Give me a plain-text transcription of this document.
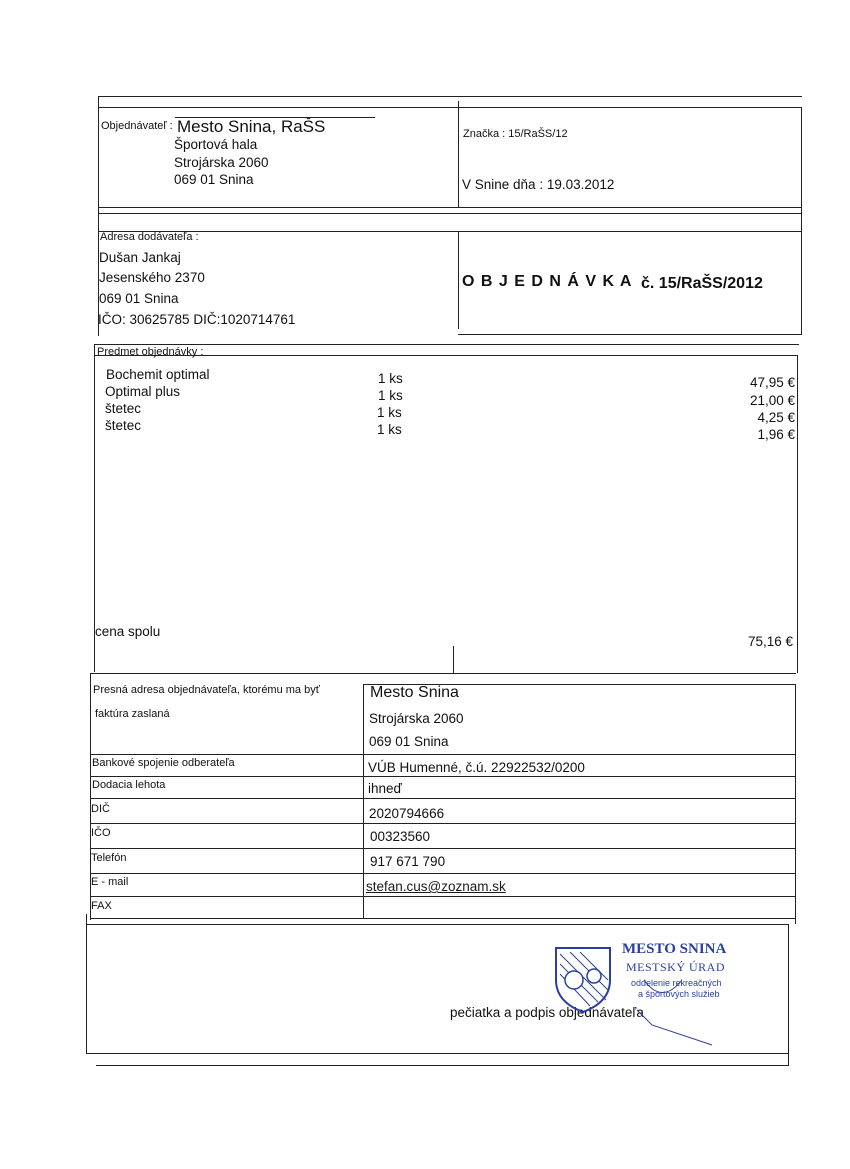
Objednávateľ : Mesto Snina, RaŠS
Športová hala
Strojárska 2060
069 01 Snina
Značka : 15/RaŠS/12
V Snine dňa : 19.03.2012
Adresa dodávateľa :
Dušan Jankaj
Jesenského 2370
069 01 Snina
IČO: 30625785 DIČ:1020714761
O B J E D N Á V K A č. 15/RaŠS/2012
Predmet objednávky :
Bochemit optimal	1 ks	47,95 €
Optimal plus	1 ks	21,00 €
štetec	1 ks	4,25 €
štetec	1 ks	1,96 €
cena spolu
75,16 €
Presná adresa objednávateľa, ktorému ma byť
faktúra zaslaná
Mesto Snina
Strojárska 2060
069 01 Snina
Bankové spojenie odberateľa	VÚB Humenné, č.ú. 22922532/0200
Dodacia lehota	ihneď
DIČ	2020794666
IČO	00323560
Telefón	917 671 790
E - mail	stefan.cus@zoznam.sk
FAX
pečiatka a podpis objednávateľa
MESTO SNINA
MESTSKÝ ÚRAD
oddelenie rekreačných
a športových služieb
